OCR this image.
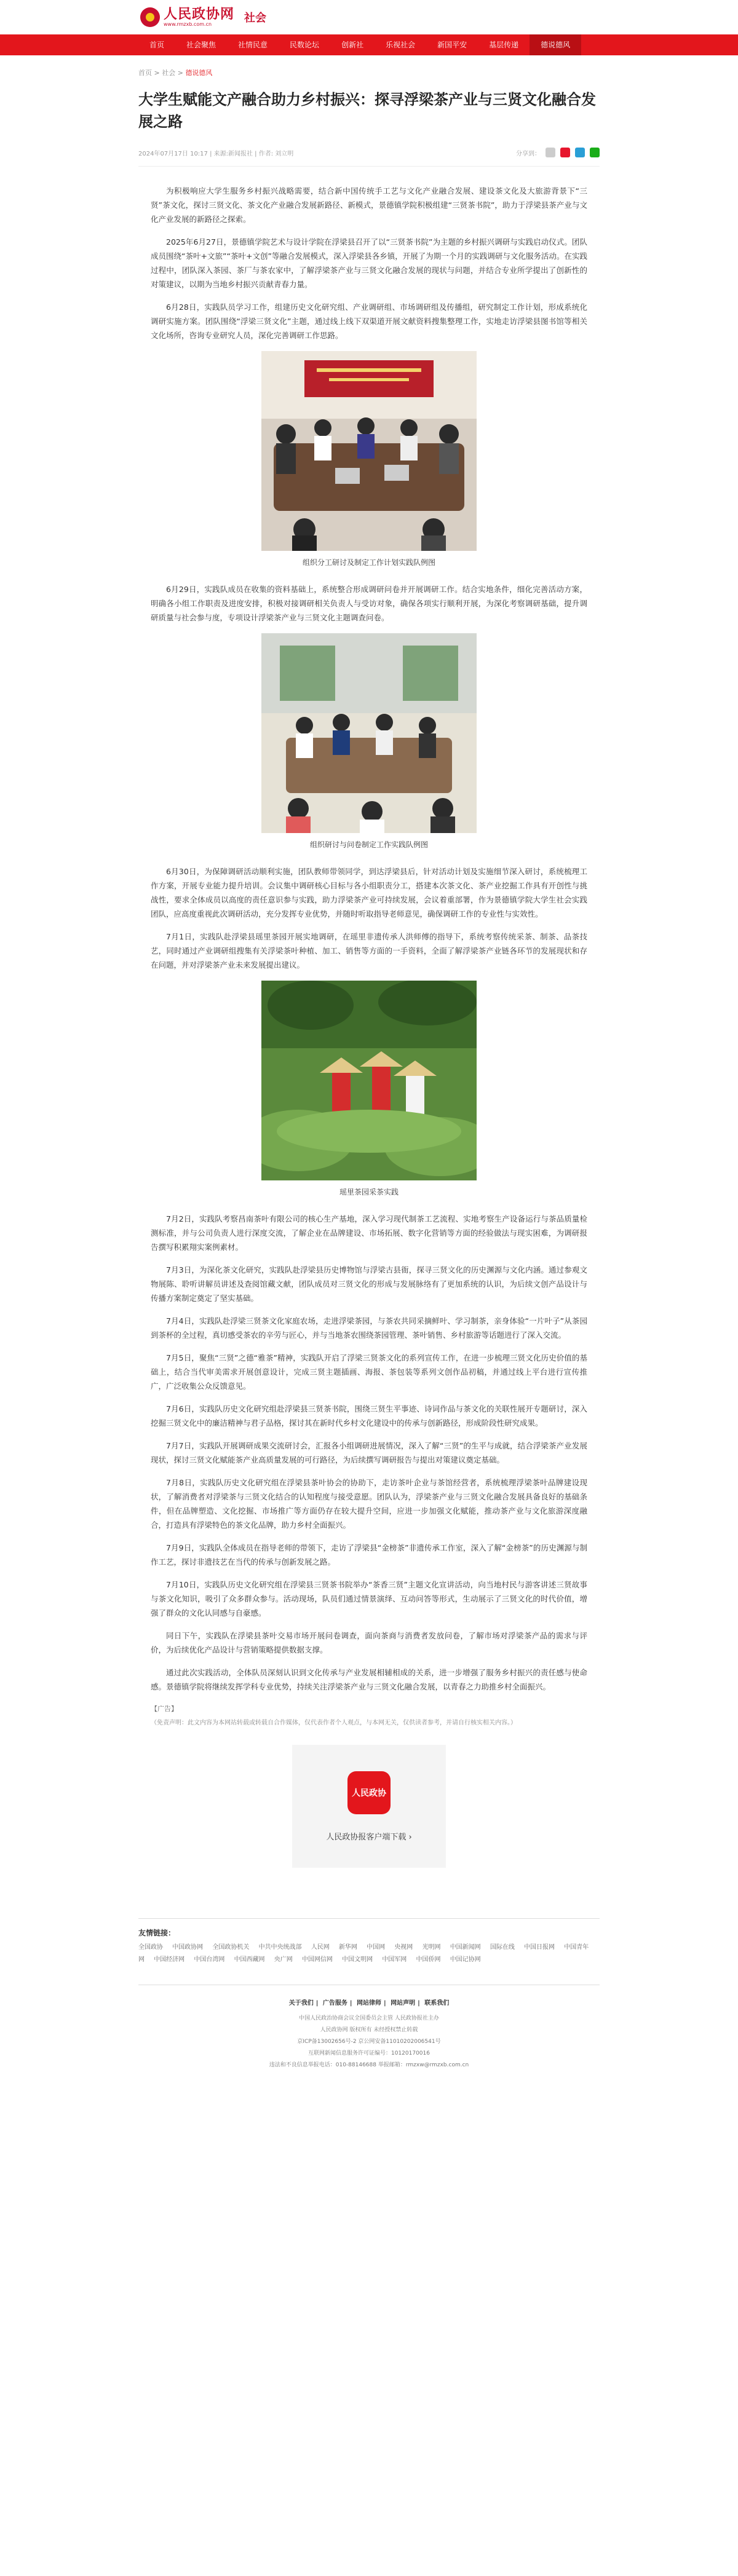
人民政协网
www.rmzxb.com.cn	社会
首页	社会聚焦	社情民意	民数论坛	创新社	乐视社会	新国平安	基层传递	德说德风
首页 > 社会 > 德说德风
大学生赋能文产融合助力乡村振兴：探寻浮梁茶产业与三贤文化融合发展之路
2024年07月17日 10:17 | 来源:新闻报社 | 作者: 刘立明	分享到：

为积极响应大学生服务乡村振兴战略需要，结合新中国传统手工艺与文化产业融合发展、建设茶文化及大旅游背景下“三贤”茶文化，探讨三贤文化、茶文化产业融合发展新路径、新模式，景德镇学院积极组建“三贤茶书院”，助力于浮梁县茶产业与文化产业发展的新路径之探索。

2025年6月27日，景德镇学院艺术与设计学院在浮梁县召开了以“三贤茶书院”为主题的乡村振兴调研与实践启动仪式。团队成员围绕“茶叶+文旅”“茶叶+文创”等融合发展模式，深入浮梁县各乡镇，开展了为期一个月的实践调研与文化服务活动。在实践过程中，团队深入茶园、茶厂与茶农家中，了解浮梁茶产业与三贤文化融合发展的现状与问题，并结合专业所学提出了创新性的对策建议，以期为当地乡村振兴贡献青春力量。

6月28日，实践队员学习工作，组建历史文化研究组、产业调研组、市场调研组及传播组，研究制定工作计划，形成系统化调研实施方案。团队围绕“浮梁三贤文化”主题，通过线上线下双渠道开展文献资料搜集整理工作，实地走访浮梁县图书馆等相关文化场所，咨询专业研究人员，深化完善调研工作思路。

组织分工研讨及制定工作计划实践队例图

6月29日，实践队成员在收集的资料基础上，系统整合形成调研问卷并开展调研工作。结合实地条件，细化完善活动方案，明确各小组工作职责及进度安排，积极对接调研相关负责人与受访对象，确保各项实行顺利开展，为深化考察调研基础，提升调研质量与社会参与度，专项设计浮梁茶产业与三贤文化主题调查问卷。

组织研讨与问卷制定工作实践队例图

6月30日，为保障调研活动顺利实施，团队教师带领同学，到达浮梁县后，针对活动计划及实施细节深入研讨，系统梳理工作方案，开展专业能力提升培训。会议集中调研核心目标与各小组职责分工，搭建本次茶文化、茶产业挖掘工作具有开创性与挑战性，要求全体成员以高度的责任意识参与实践，助力浮梁茶产业可持续发展，会议着重部署，作为景德镇学院大学生社会实践团队，应高度重视此次调研活动，充分发挥专业优势，并随时听取指导老师意见，确保调研工作的专业性与实效性。

7月1日，实践队赴浮梁县瑶里茶园开展实地调研，在瑶里非遗传承人洪师傅的指导下，系统考察传统采茶、制茶、品茶技艺，同时通过产业调研组搜集有关浮梁茶叶种植、加工、销售等方面的一手资料，全面了解浮梁茶产业链各环节的发展现状和存在问题，并对浮梁茶产业未来发展提出建议。

瑶里茶园采茶实践

7月2日，实践队考察昌南茶叶有限公司的核心生产基地，深入学习现代制茶工艺流程、实地考察生产设备运行与茶品质量检测标准，并与公司负责人进行深度交流，了解企业在品牌建设、市场拓展、数字化营销等方面的经验做法与现实困难，为调研报告撰写积累翔实案例素材。

7月3日，为深化茶文化研究，实践队赴浮梁县历史博物馆与浮梁古县衙，探寻三贤文化的历史渊源与文化内涵。通过参观文物展陈、聆听讲解员讲述及查阅馆藏文献，团队成员对三贤文化的形成与发展脉络有了更加系统的认识，为后续文创产品设计与传播方案制定奠定了坚实基础。

7月4日，实践队赴浮梁三贤茶文化家庭农场，走进浮梁茶园，与茶农共同采摘鲜叶、学习制茶，亲身体验“一片叶子”从茶园到茶杯的全过程，真切感受茶农的辛劳与匠心，并与当地茶农围绕茶园管理、茶叶销售、乡村旅游等话题进行了深入交流。

7月5日，聚焦“三贤”之德“雅茶”精神，实践队开启了浮梁三贤茶文化的系列宣传工作，在进一步梳理三贤文化历史价值的基础上，结合当代审美需求开展创意设计，完成三贤主题插画、海报、茶包装等系列文创作品初稿，并通过线上平台进行宣传推广，广泛收集公众反馈意见。

7月6日，实践队历史文化研究组赴浮梁县三贤茶书院，围绕三贤生平事迹、诗词作品与茶文化的关联性展开专题研讨，深入挖掘三贤文化中的廉洁精神与君子品格，探讨其在新时代乡村文化建设中的传承与创新路径，形成阶段性研究成果。

7月7日，实践队开展调研成果交流研讨会，汇报各小组调研进展情况，深入了解“三贤”的生平与成就，结合浮梁茶产业发展现状，探讨三贤文化赋能茶产业高质量发展的可行路径，为后续撰写调研报告与提出对策建议奠定基础。

7月8日，实践队历史文化研究组在浮梁县茶叶协会的协助下，走访茶叶企业与茶馆经营者，系统梳理浮梁茶叶品牌建设现状，了解消费者对浮梁茶与三贤文化结合的认知程度与接受意愿。团队认为，浮梁茶产业与三贤文化融合发展具备良好的基础条件，但在品牌塑造、文化挖掘、市场推广等方面仍存在较大提升空间，应进一步加强文化赋能，推动茶产业与文化旅游深度融合，打造具有浮梁特色的茶文化品牌，助力乡村全面振兴。

7月9日，实践队全体成员在指导老师的带领下，走访了浮梁县“金榜茶”非遗传承工作室，深入了解“金榜茶”的历史渊源与制作工艺，探讨非遗技艺在当代的传承与创新发展之路。

7月10日，实践队历史文化研究组在浮梁县三贤茶书院举办“茶香三贤”主题文化宣讲活动，向当地村民与游客讲述三贤故事与茶文化知识，吸引了众多群众参与。活动现场，队员们通过情景演绎、互动问答等形式，生动展示了三贤文化的时代价值，增强了群众的文化认同感与自豪感。

同日下午，实践队在浮梁县茶叶交易市场开展问卷调查，面向茶商与消费者发放问卷，了解市场对浮梁茶产品的需求与评价，为后续优化产品设计与营销策略提供数据支撑。

通过此次实践活动，全体队员深刻认识到文化传承与产业发展相辅相成的关系，进一步增强了服务乡村振兴的责任感与使命感。景德镇学院将继续发挥学科专业优势，持续关注浮梁茶产业与三贤文化融合发展，以青春之力助推乡村全面振兴。

【广告】
（免责声明：此文内容为本网站转载或转载自合作媒体，仅代表作者个人观点，与本网无关，仅供读者参考，并请自行核实相关内容。）
人民政协
人民政协报客户端下载 ›
友情链接：
全国政协 中国政协网 全国政协机关 中共中央统战部 人民网 新华网 中国网 央视网 光明网 中国新闻网 国际在线 中国日报网 中国青年网 中国经济网 中国台湾网 中国西藏网 央广网 中国网信网 中国文明网 中国军网 中国侨网 中国记协网
关于我们 | 广告服务 | 网站律师 | 网站声明 | 联系我们
中国人民政治协商会议全国委员会主管 人民政协报社主办
人民政协网 版权所有 未经授权禁止转载
京ICP备13002656号-2 京公网安备11010202006541号
互联网新闻信息服务许可证编号：10120170016
违法和不良信息举报电话：010-88146688 举报邮箱：rmzxw@rmzxb.com.cn
